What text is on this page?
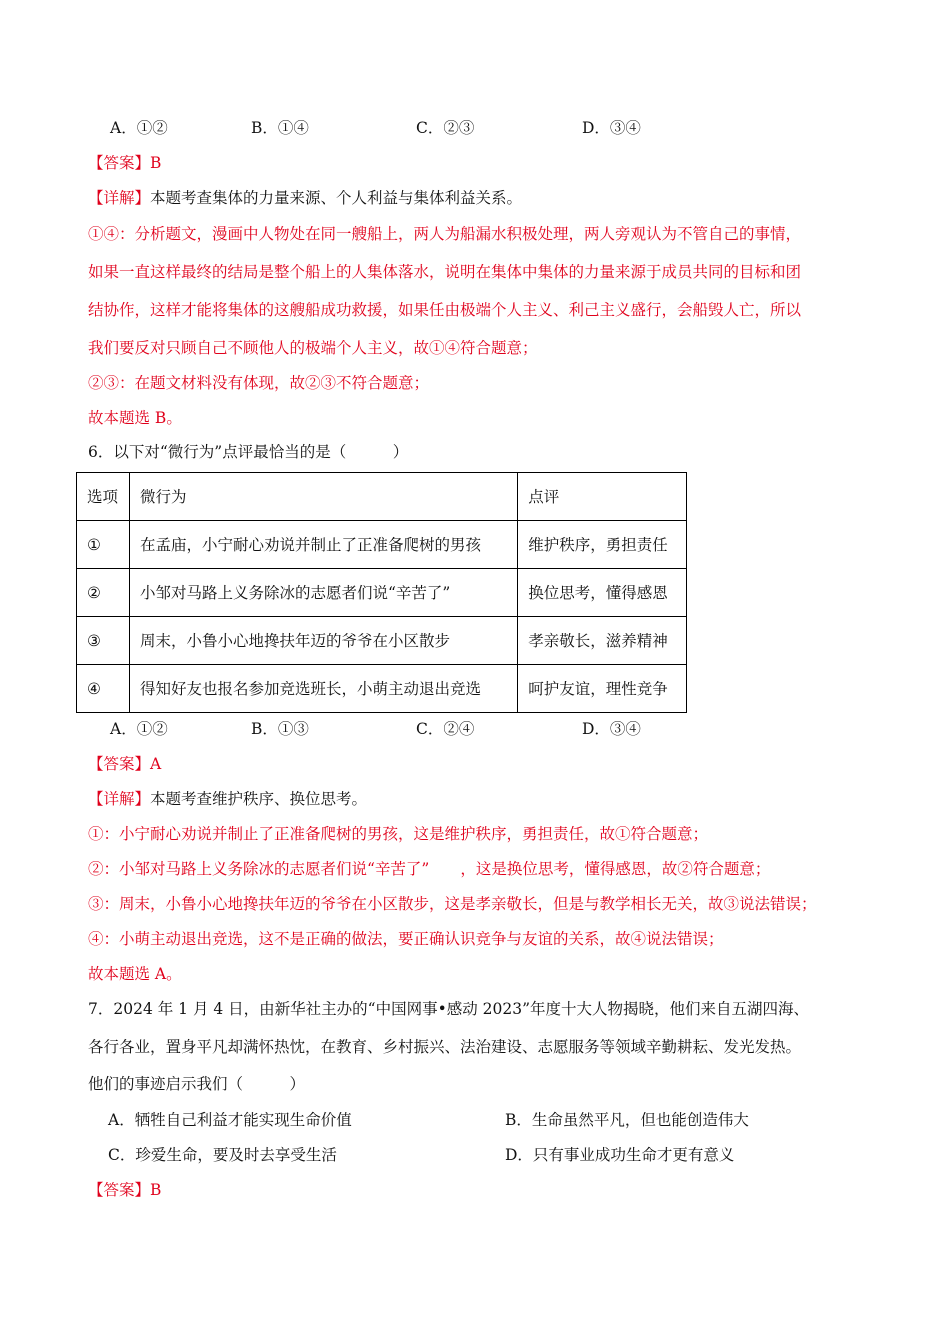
A．①②	B．①④	C．②③	D．③④
【答案】B
【详解】本题考查集体的力量来源、个人利益与集体利益关系。
①④：分析题文，漫画中人物处在同一艘船上，两人为船漏水积极处理，两人旁观认为不管自己的事情，
如果一直这样最终的结局是整个船上的人集体落水，说明在集体中集体的力量来源于成员共同的目标和团
结协作，这样才能将集体的这艘船成功救援，如果任由极端个人主义、利己主义盛行，会船毁人亡，所以
我们要反对只顾自己不顾他人的极端个人主义，故①④符合题意；
②③：在题文材料没有体现，故②③不符合题意；
故本题选 B。
6．以下对“微行为”点评最恰当的是（　　　）
选项	微行为	点评
①	在孟庙，小宁耐心劝说并制止了正准备爬树的男孩	维护秩序，勇担责任
②	小邹对马路上义务除冰的志愿者们说“辛苦了”	换位思考，懂得感恩
③	周末，小鲁小心地搀扶年迈的爷爷在小区散步	孝亲敬长，滋养精神
④	得知好友也报名参加竞选班长，小萌主动退出竞选	呵护友谊，理性竞争
A．①②	B．①③	C．②④	D．③④
【答案】A
【详解】本题考查维护秩序、换位思考。
①：小宁耐心劝说并制止了正准备爬树的男孩，这是维护秩序，勇担责任，故①符合题意；
②：小邹对马路上义务除冰的志愿者们说“辛苦了”　　，这是换位思考，懂得感恩，故②符合题意；
③：周末，小鲁小心地搀扶年迈的爷爷在小区散步，这是孝亲敬长，但是与教学相长无关，故③说法错误；
④：小萌主动退出竞选，这不是正确的做法，要正确认识竞争与友谊的关系，故④说法错误；
故本题选 A。
7．2024 年 1 月 4 日，由新华社主办的“中国网事•感动 2023”年度十大人物揭晓，他们来自五湖四海、
各行各业，置身平凡却满怀热忱，在教育、乡村振兴、法治建设、志愿服务等领域辛勤耕耘、发光发热。
他们的事迹启示我们（　　　）
A．牺牲自己利益才能实现生命价值	B．生命虽然平凡，但也能创造伟大
C．珍爱生命，要及时去享受生活	D．只有事业成功生命才更有意义
【答案】B
